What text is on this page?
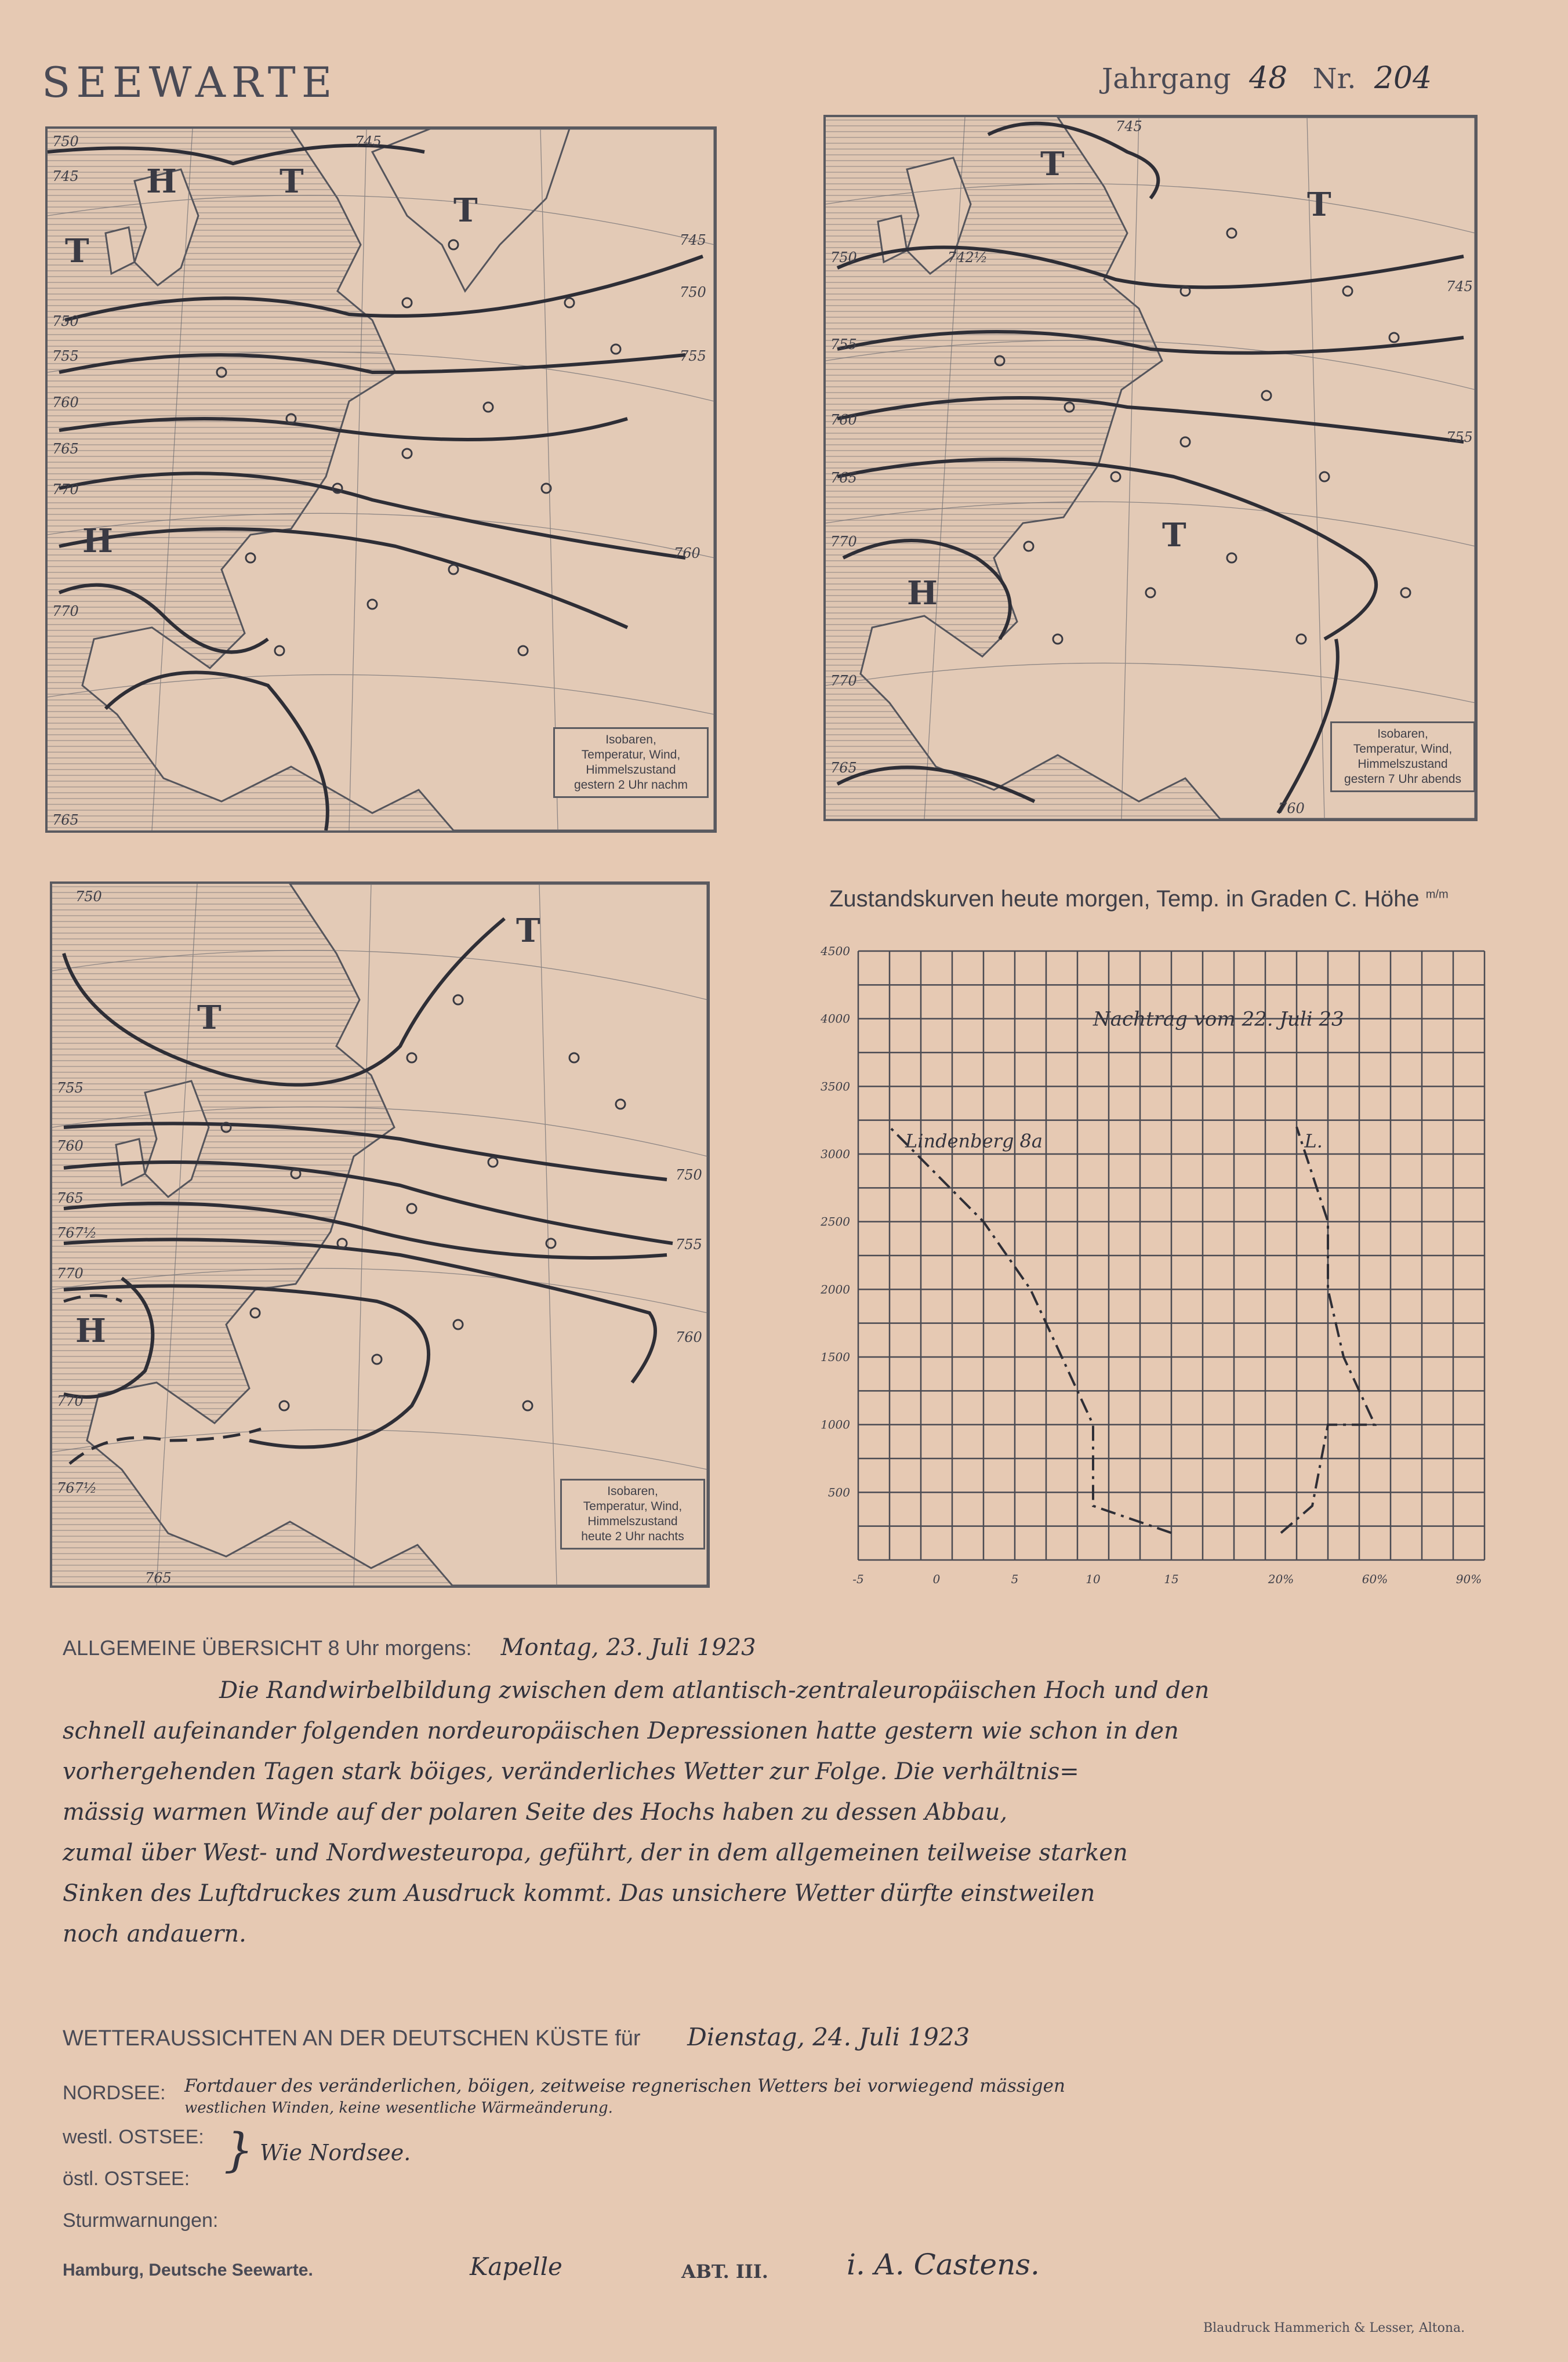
SEEWARTE	Jahrgang 48 Nr. 204
750
745
745
750
755
760
765
770
770
765
745
750
755
760
T
T
T
H
H
Isobaren,
Temperatur, Wind,
Himmelszustand
gestern 2 Uhr nachm
745
750
755
760
765
770
770
765
745
755
760
742½
T
T
T
H
Isobaren,
Temperatur, Wind,
Himmelszustand
gestern 7 Uhr abends
750
755
760
765
767½
770
770
767½
765
750
755
760
T
T
H
Isobaren,
Temperatur, Wind,
Himmelszustand
heute 2 Uhr nachts
Zustandskurven heute morgen, Temp. in Graden C. Höhe $^{m/m}$
4500
4000
3500
3000
2500
2000
1500
1000
500
-5	0	5	10	15	20%	60%	90%
Nachtrag vom 22. Juli 23
Lindenberg 8a	L.
ALLGEMEINE ÜBERSICHT 8 Uhr morgens: Montag, 23. Juli 1923
Die Randwirbelbildung zwischen dem atlantisch-zentraleuropäischen Hoch und den
schnell aufeinander folgenden nordeuropäischen Depressionen hatte gestern wie schon in den
vorhergehenden Tagen stark böiges, veränderliches Wetter zur Folge. Die verhältnis=
mässig warmen Winde auf der polaren Seite des Hochs haben zu dessen Abbau,
zumal über West- und Nordwesteuropa, geführt, der in dem allgemeinen teilweise starken
Sinken des Luftdruckes zum Ausdruck kommt. Das unsichere Wetter dürfte einstweilen
noch andauern.
WETTERAUSSICHTEN AN DER DEUTSCHEN KÜSTE für Dienstag, 24. Juli 1923
NORDSEE: Fortdauer des veränderlichen, böigen, zeitweise regnerischen Wetters bei vorwiegend mässigen
westlichen Winden, keine wesentliche Wärmeänderung.
westl. OSTSEE:
östl. OSTSEE:
} Wie Nordsee.
Sturmwarnungen:
Hamburg, Deutsche Seewarte.	Kapelle	ABT. III.	i. A. Castens.
Blaudruck Hammerich & Lesser, Altona.
